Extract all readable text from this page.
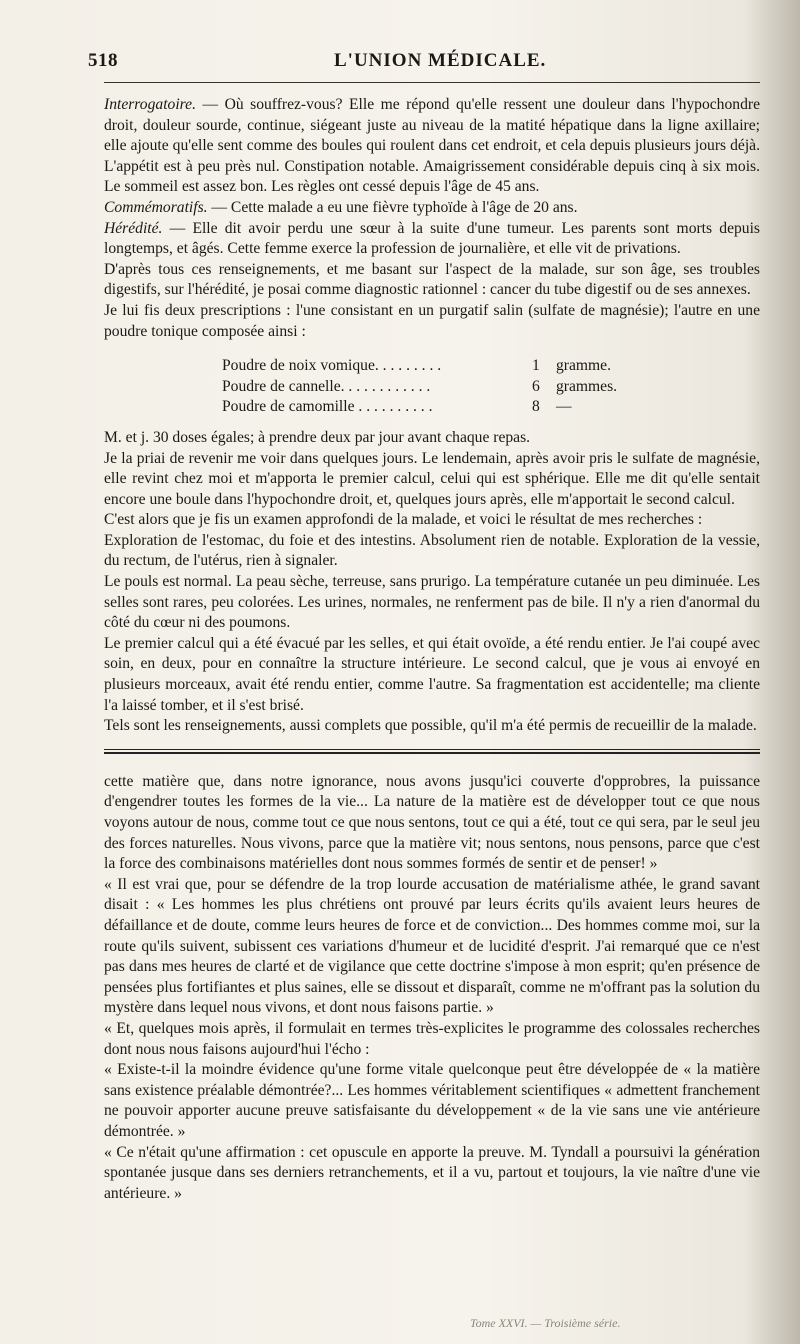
518	L'UNION MÉDICALE.

Interrogatoire. — Où souffrez-vous? Elle me répond qu'elle ressent une douleur dans l'hypochondre droit, douleur sourde, continue, siégeant juste au niveau de la matité hépatique dans la ligne axillaire; elle ajoute qu'elle sent comme des boules qui roulent dans cet endroit, et cela depuis plusieurs jours déjà. L'appétit est à peu près nul. Constipation notable. Amaigrissement considérable depuis cinq à six mois. Le sommeil est assez bon. Les règles ont cessé depuis l'âge de 45 ans.

Commémoratifs. — Cette malade a eu une fièvre typhoïde à l'âge de 20 ans.

Hérédité. — Elle dit avoir perdu une sœur à la suite d'une tumeur. Les parents sont morts depuis longtemps, et âgés. Cette femme exerce la profession de journalière, et elle vit de privations.

D'après tous ces renseignements, et me basant sur l'aspect de la malade, sur son âge, ses troubles digestifs, sur l'hérédité, je posai comme diagnostic rationnel : cancer du tube digestif ou de ses annexes.

Je lui fis deux prescriptions : l'une consistant en un purgatif salin (sulfate de magnésie); l'autre en une poudre tonique composée ainsi :

Poudre de noix vomique. . . . . . . . .	1	gramme.
Poudre de cannelle. . . . . . . . . . . .	6	grammes.
Poudre de camomille . . . . . . . . . .	8	—

M. et j. 30 doses égales; à prendre deux par jour avant chaque repas.

Je la priai de revenir me voir dans quelques jours. Le lendemain, après avoir pris le sulfate de magnésie, elle revint chez moi et m'apporta le premier calcul, celui qui est sphérique. Elle me dit qu'elle sentait encore une boule dans l'hypochondre droit, et, quelques jours après, elle m'apportait le second calcul.

C'est alors que je fis un examen approfondi de la malade, et voici le résultat de mes recherches :

Exploration de l'estomac, du foie et des intestins. Absolument rien de notable. Exploration de la vessie, du rectum, de l'utérus, rien à signaler.

Le pouls est normal. La peau sèche, terreuse, sans prurigo. La température cutanée un peu diminuée. Les selles sont rares, peu colorées. Les urines, normales, ne renferment pas de bile. Il n'y a rien d'anormal du côté du cœur ni des poumons.

Le premier calcul qui a été évacué par les selles, et qui était ovoïde, a été rendu entier. Je l'ai coupé avec soin, en deux, pour en connaître la structure intérieure. Le second calcul, que je vous ai envoyé en plusieurs morceaux, avait été rendu entier, comme l'autre. Sa fragmentation est accidentelle; ma cliente l'a laissé tomber, et il s'est brisé.

Tels sont les renseignements, aussi complets que possible, qu'il m'a été permis de recueillir de la malade.

cette matière que, dans notre ignorance, nous avons jusqu'ici couverte d'opprobres, la puissance d'engendrer toutes les formes de la vie... La nature de la matière est de développer tout ce que nous voyons autour de nous, comme tout ce que nous sentons, tout ce qui a été, tout ce qui sera, par le seul jeu des forces naturelles. Nous vivons, parce que la matière vit; nous sentons, nous pensons, parce que c'est la force des combinaisons matérielles dont nous sommes formés de sentir et de penser! »

« Il est vrai que, pour se défendre de la trop lourde accusation de matérialisme athée, le grand savant disait : « Les hommes les plus chrétiens ont prouvé par leurs écrits qu'ils avaient leurs heures de défaillance et de doute, comme leurs heures de force et de conviction... Des hommes comme moi, sur la route qu'ils suivent, subissent ces variations d'humeur et de lucidité d'esprit. J'ai remarqué que ce n'est pas dans mes heures de clarté et de vigilance que cette doctrine s'impose à mon esprit; qu'en présence de pensées plus fortifiantes et plus saines, elle se dissout et disparaît, comme ne m'offrant pas la solution du mystère dans lequel nous vivons, et dont nous faisons partie. »

« Et, quelques mois après, il formulait en termes très-explicites le programme des colossales recherches dont nous nous faisons aujourd'hui l'écho :

« Existe-t-il la moindre évidence qu'une forme vitale quelconque peut être développée de « la matière sans existence préalable démontrée?... Les hommes véritablement scientifiques « admettent franchement ne pouvoir apporter aucune preuve satisfaisante du développement « de la vie sans une vie antérieure démontrée. »

« Ce n'était qu'une affirmation : cet opuscule en apporte la preuve. M. Tyndall a poursuivi la génération spontanée jusque dans ses derniers retranchements, et il a vu, partout et toujours, la vie naître d'une vie antérieure. »

Tome XXVI. — Troisième série.
